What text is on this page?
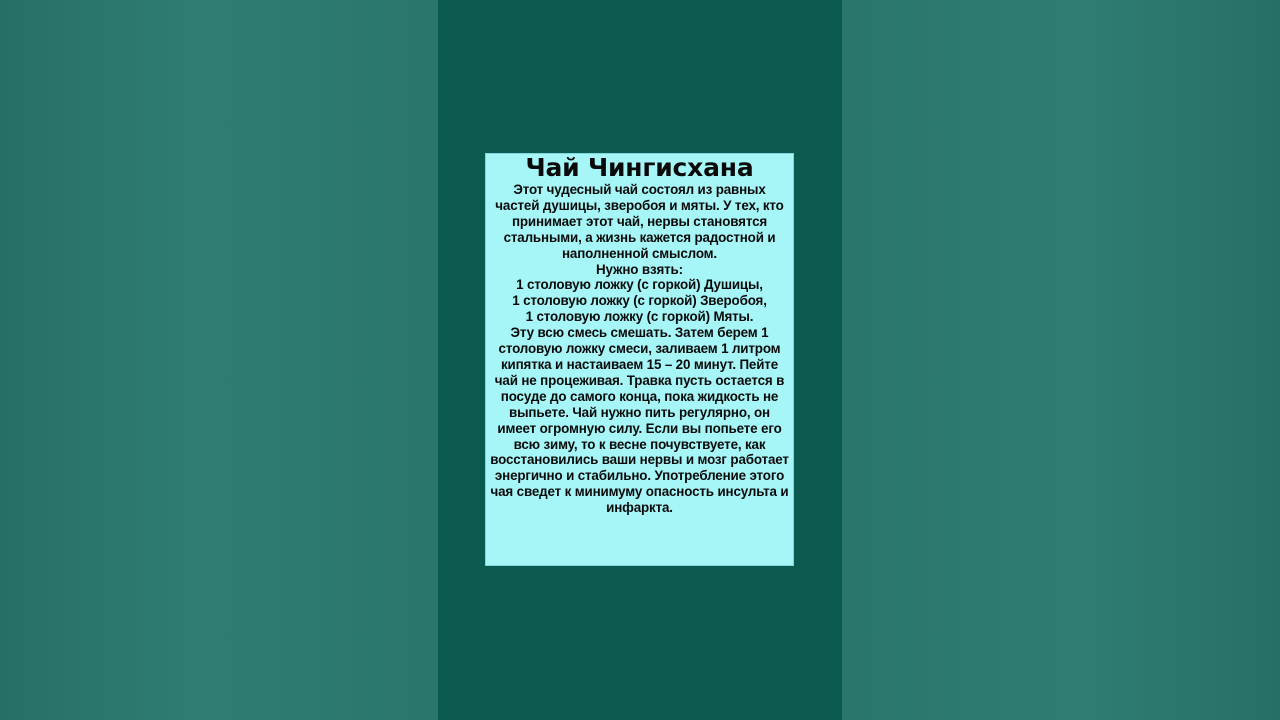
Чай Чингисхана

Этот чудесный чай состоял из равных частей душицы, зверобоя и мяты. У тех, кто принимает этот чай, нервы становятся стальными, а жизнь кажется радостной и наполненной смыслом.

Нужно взять:

1 столовую ложку (с горкой) Душицы,

1 столовую ложку (с горкой) Зверобоя,

1 столовую ложку (с горкой) Мяты.

Эту всю смесь смешать. Затем берем 1 столовую ложку смеси, заливаем 1 литром кипятка и настаиваем 15 – 20 минут. Пейте чай не процеживая. Травка пусть остается в посуде до самого конца, пока жидкость не выпьете. Чай нужно пить регулярно, он имеет огромную силу. Если вы попьете его всю зиму, то к весне почувствуете, как восстановились ваши нервы и мозг работает энергично и стабильно. Употребление этого чая сведет к минимуму опасность инсульта и инфаркта.
